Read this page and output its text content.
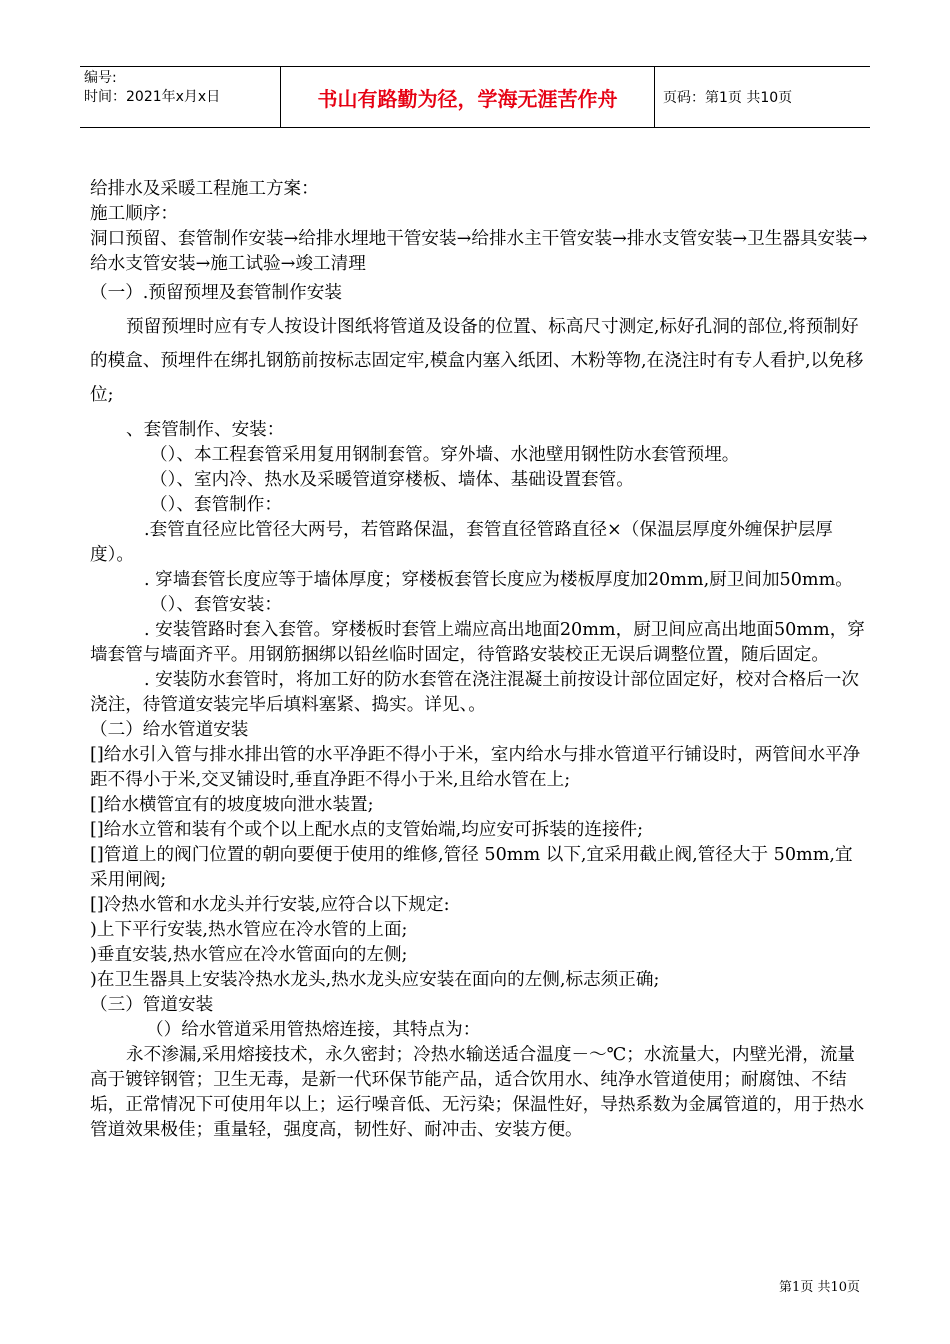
编号:
时间：2021年x月x日	书山有路勤为径，学海无涯苦作舟	页码：第1页 共10页

给排水及采暖工程施工方案：

施工顺序：

洞口预留、套管制作安装→给排水埋地干管安装→给排水主干管安装→排水支管安装→卫生器具安装→给水支管安装→施工试验→竣工清理

（一）.预留预埋及套管制作安装

预留预埋时应有专人按设计图纸将管道及设备的位置、标高尺寸测定,标好孔洞的部位,将预制好的模盒、预埋件在绑扎钢筋前按标志固定牢,模盒内塞入纸团、木粉等物,在浇注时有专人看护,以免移位;

、套管制作、安装：

（）、本工程套管采用复用钢制套管。穿外墙、水池壁用钢性防水套管预埋。

（）、室内冷、热水及采暖管道穿楼板、墙体、基础设置套管。

（）、套管制作：

.套管直径应比管径大两号，若管路保温，套管直径管路直径×（保温层厚度外缠保护层厚度）。

. 穿墙套管长度应等于墙体厚度；穿楼板套管长度应为楼板厚度加20mm,厨卫间加50mm。

（）、套管安装：

. 安装管路时套入套管。穿楼板时套管上端应高出地面20mm，厨卫间应高出地面50mm，穿墙套管与墙面齐平。用钢筋捆绑以铅丝临时固定，待管路安装校正无误后调整位置，随后固定。

. 安装防水套管时，将加工好的防水套管在浇注混凝土前按设计部位固定好，校对合格后一次浇注，待管道安装完毕后填料塞紧、捣实。详见、。

（二）给水管道安装

[]给水引入管与排水排出管的水平净距不得小于米，室内给水与排水管道平行铺设时，两管间水平净距不得小于米,交叉铺设时,垂直净距不得小于米,且给水管在上;

[]给水横管宜有的坡度坡向泄水装置;

[]给水立管和装有个或个以上配水点的支管始端,均应安可拆装的连接件;

[]管道上的阀门位置的朝向要便于使用的维修,管径 50mm 以下,宜采用截止阀,管径大于 50mm,宜采用闸阀;

[]冷热水管和水龙头并行安装,应符合以下规定:

)上下平行安装,热水管应在冷水管的上面;

)垂直安装,热水管应在冷水管面向的左侧;

)在卫生器具上安装冷热水龙头,热水龙头应安装在面向的左侧,标志须正确;

（三）管道安装

（）给水管道采用管热熔连接，其特点为：

永不渗漏,采用熔接技术，永久密封；冷热水输送适合温度－～℃；水流量大，内壁光滑，流量高于镀锌钢管；卫生无毒，是新一代环保节能产品，适合饮用水、纯净水管道使用；耐腐蚀、不结垢，正常情况下可使用年以上；运行噪音低、无污染；保温性好，导热系数为金属管道的，用于热水管道效果极佳；重量轻，强度高，韧性好、耐冲击、安装方便。

第1页 共10页
